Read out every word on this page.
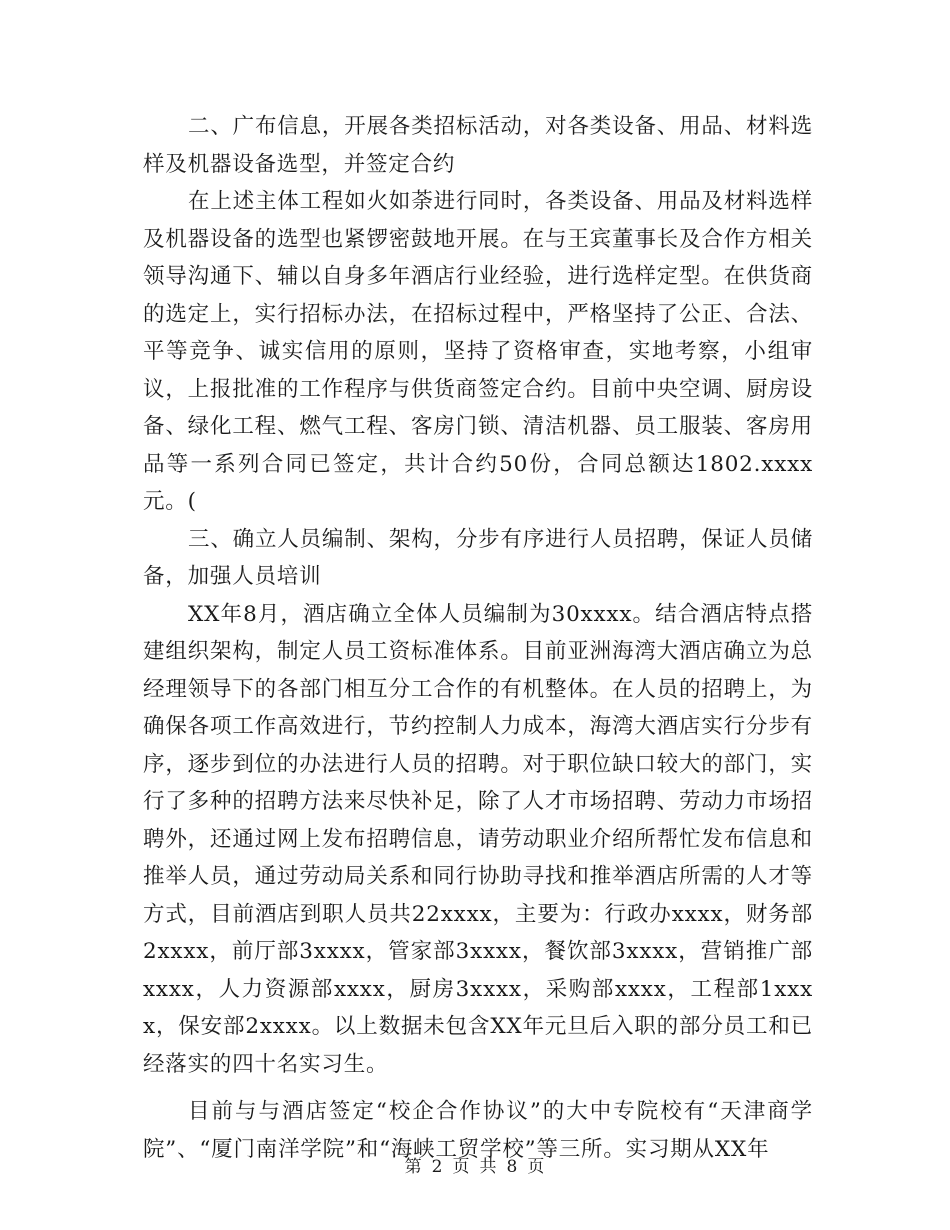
二、广布信息，开展各类招标活动，对各类设备、用品、材料选样及机器设备选型，并签定合约

在上述主体工程如火如荼进行同时，各类设备、用品及材料选样及机器设备的选型也紧锣密鼓地开展。在与王宾董事长及合作方相关领导沟通下、辅以自身多年酒店行业经验，进行选样定型。在供货商的选定上，实行招标办法，在招标过程中，严格坚持了公正、合法、平等竞争、诚实信用的原则，坚持了资格审查，实地考察，小组审议，上报批准的工作程序与供货商签定合约。目前中央空调、厨房设备、绿化工程、燃气工程、客房门锁、清洁机器、员工服装、客房用品等一系列合同已签定，共计合约50份，合同总额达1802.xxxx元。(

三、确立人员编制、架构，分步有序进行人员招聘，保证人员储备，加强人员培训

XX年8月，酒店确立全体人员编制为30xxxx。结合酒店特点搭建组织架构，制定人员工资标准体系。目前亚洲海湾大酒店确立为总经理领导下的各部门相互分工合作的有机整体。在人员的招聘上，为确保各项工作高效进行，节约控制人力成本，海湾大酒店实行分步有序，逐步到位的办法进行人员的招聘。对于职位缺口较大的部门，实行了多种的招聘方法来尽快补足，除了人才市场招聘、劳动力市场招聘外，还通过网上发布招聘信息，请劳动职业介绍所帮忙发布信息和推举人员，通过劳动局关系和同行协助寻找和推举酒店所需的人才等方式，目前酒店到职人员共22xxxx，主要为：行政办xxxx，财务部2xxxx，前厅部3xxxx，管家部3xxxx，餐饮部3xxxx，营销推广部xxxx，人力资源部xxxx，厨房3xxxx，采购部xxxx，工程部1xxxx，保安部2xxxx。以上数据未包含XX年元旦后入职的部分员工和已经落实的四十名实习生。

目前与与酒店签定“校企合作协议”的大中专院校有“天津商学院”、“厦门南洋学院”和“海峡工贸学校”等三所。实习期从XX年

第 2 页 共 8 页
